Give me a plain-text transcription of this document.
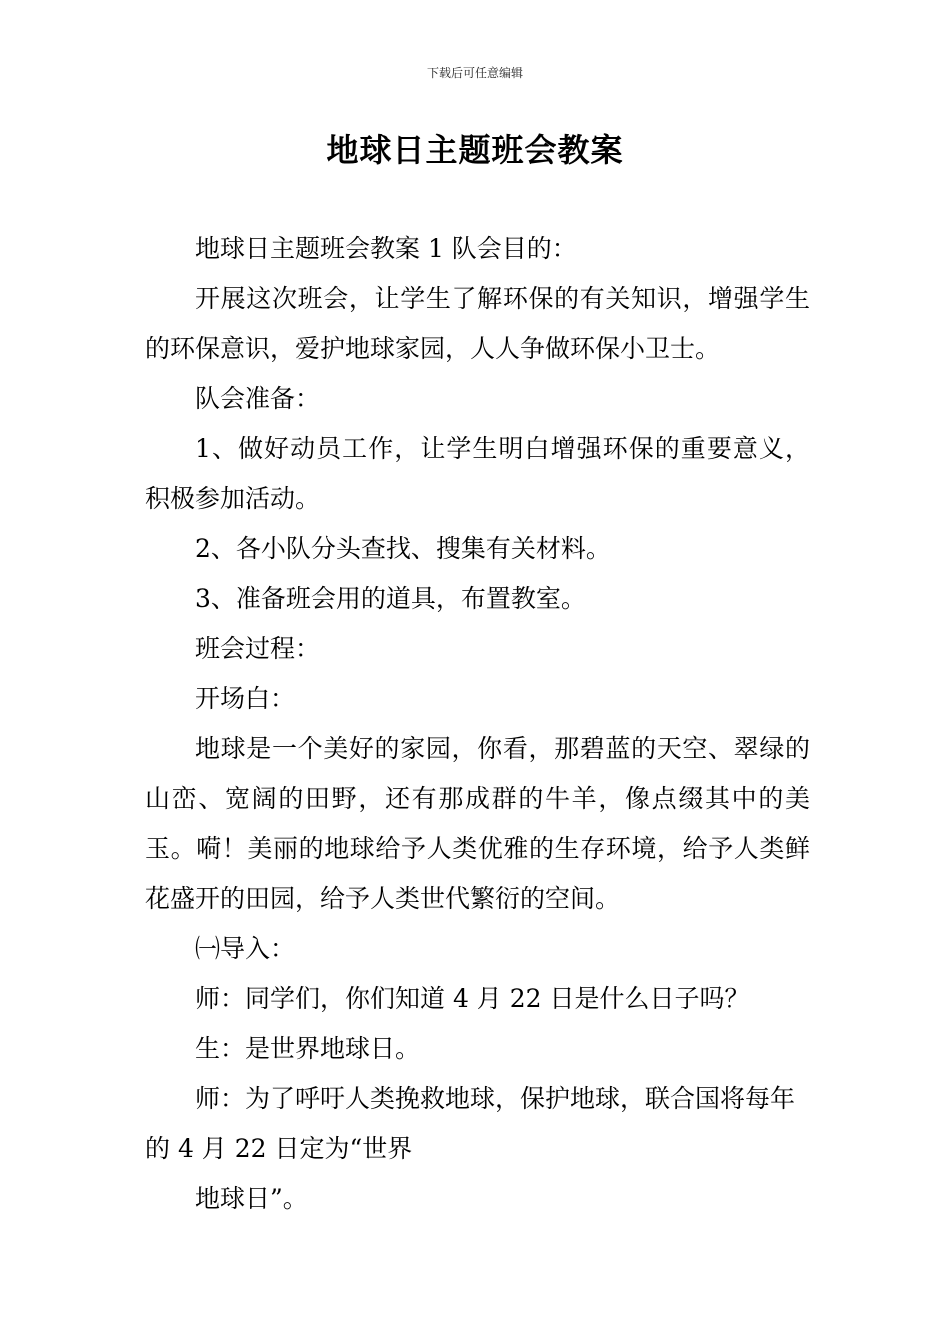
下载后可任意编辑
地球日主题班会教案

地球日主题班会教案 1 队会目的：

开展这次班会，让学生了解环保的有关知识，增强学生的环保意识，爱护地球家园，人人争做环保小卫士。

队会准备：

1、做好动员工作，让学生明白增强环保的重要意义，积极参加活动。

2、各小队分头查找、搜集有关材料。

3、准备班会用的道具，布置教室。

班会过程：

开场白：

地球是一个美好的家园，你看，那碧蓝的天空、翠绿的山峦、宽阔的田野，还有那成群的牛羊，像点缀其中的美玉。嗬！美丽的地球给予人类优雅的生存环境，给予人类鲜花盛开的田园，给予人类世代繁衍的空间。

㈠导入：

师：同学们，你们知道 4 月 22 日是什么日子吗？

生：是世界地球日。

师：为了呼吁人类挽救地球，保护地球，联合国将每年的 4 月 22 日定为“世界

地球日”。
